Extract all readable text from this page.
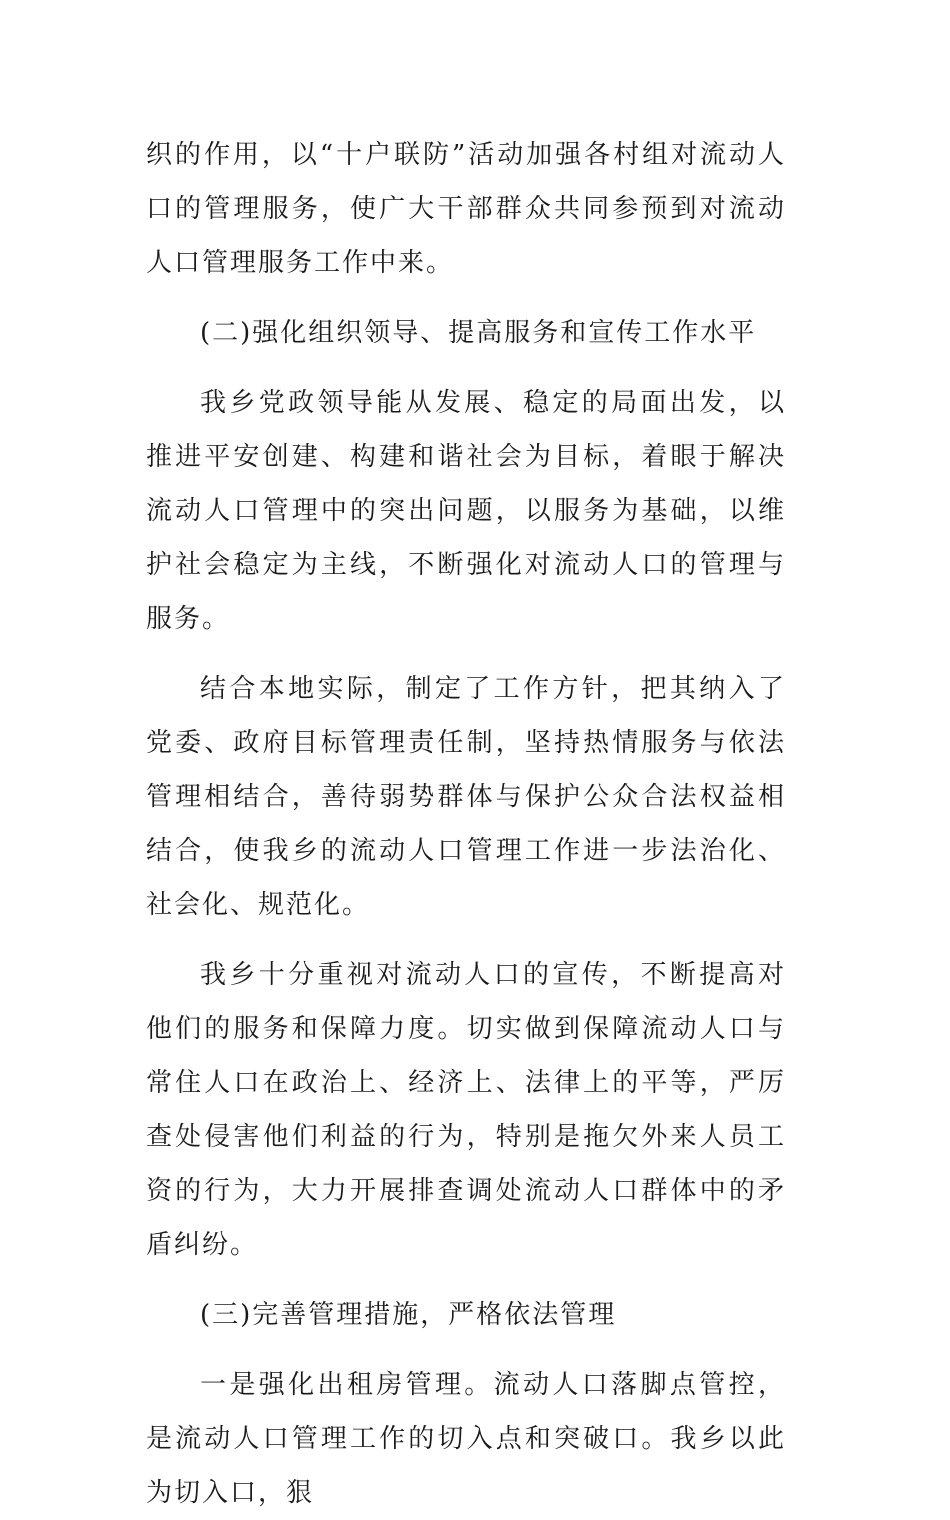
织的作用，以“十户联防”活动加强各村组对流动人口的管理服务，使广大干部群众共同参预到对流动人口管理服务工作中来。

(二)强化组织领导、提高服务和宣传工作水平

我乡党政领导能从发展、稳定的局面出发，以推进平安创建、构建和谐社会为目标，着眼于解决流动人口管理中的突出问题，以服务为基础，以维护社会稳定为主线，不断强化对流动人口的管理与服务。

结合本地实际，制定了工作方针，把其纳入了党委、政府目标管理责任制，坚持热情服务与依法管理相结合，善待弱势群体与保护公众合法权益相结合，使我乡的流动人口管理工作进一步法治化、社会化、规范化。

我乡十分重视对流动人口的宣传，不断提高对他们的服务和保障力度。切实做到保障流动人口与常住人口在政治上、经济上、法律上的平等，严厉查处侵害他们利益的行为，特别是拖欠外来人员工资的行为，大力开展排查调处流动人口群体中的矛盾纠纷。

(三)完善管理措施，严格依法管理

一是强化出租房管理。流动人口落脚点管控，是流动人口管理工作的切入点和突破口。我乡以此为切入口，狠
